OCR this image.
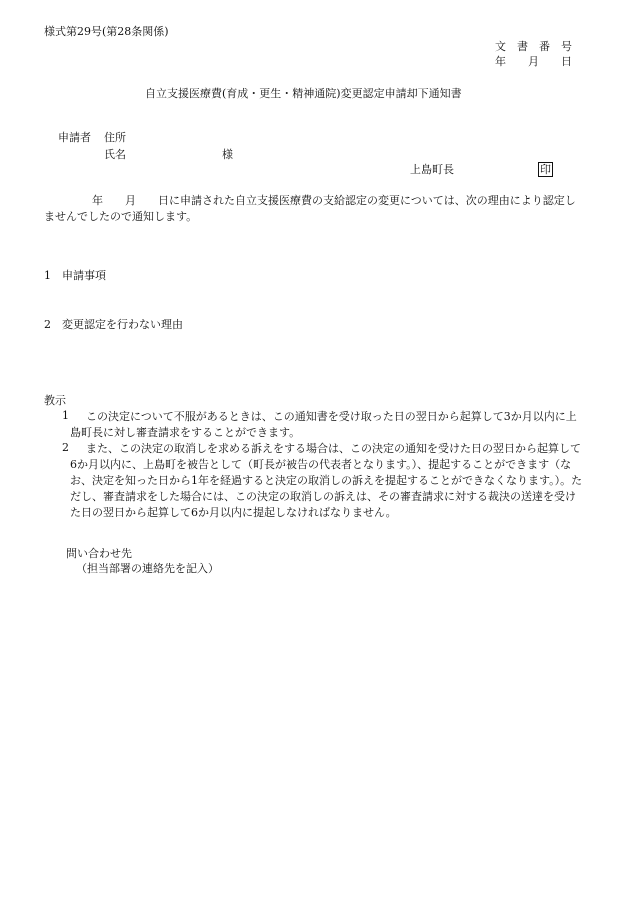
様式第29号(第28条関係)
文　書　番　号
年　　月　　日
自立支援医療費(育成・更生・精神通院)変更認定申請却下通知書
申請者 住所
氏名	様
上島町長	印
年　　月　　日に申請された自立支援医療費の支給認定の変更については、次の理由により認定しませんでしたので通知します。
1 申請事項
2 変更認定を行わない理由
教示
1	この決定について不服があるときは、この通知書を受け取った日の翌日から起算して3か月以内に上島町長に対し審査請求をすることができます。
2	また、この決定の取消しを求める訴えをする場合は、この決定の通知を受けた日の翌日から起算して6か月以内に、上島町を被告として（町長が被告の代表者となります。）、提起することができます（なお、決定を知った日から1年を経過すると決定の取消しの訴えを提起することができなくなります。）。ただし、審査請求をした場合には、この決定の取消しの訴えは、その審査請求に対する裁決の送達を受けた日の翌日から起算して6か月以内に提起しなければなりません。
問い合わせ先
（担当部署の連絡先を記入）
